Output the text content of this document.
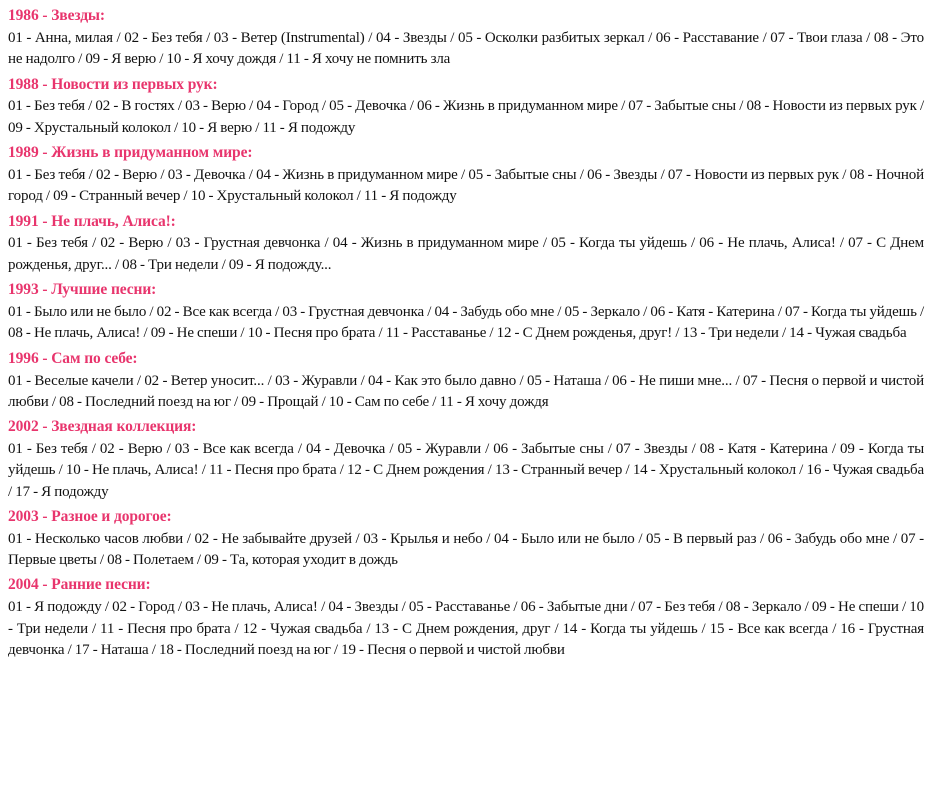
1986 - Звезды:
01 - Анна, милая / 02 - Без тебя / 03 - Ветер (Instrumental) / 04 - Звезды / 05 - Осколки разбитых зеркал / 06 - Расставание / 07 - Твои глаза / 08 - Это не надолго / 09 - Я верю / 10 - Я хочу дождя / 11 - Я хочу не помнить зла
1988 - Новости из первых рук:
01 - Без тебя / 02 - В гостях / 03 - Верю / 04 - Город / 05 - Девочка / 06 - Жизнь в придуманном мире / 07 - Забытые сны / 08 - Новости из первых рук / 09 - Хрустальный колокол / 10 - Я верю / 11 - Я подожду
1989 - Жизнь в придуманном мире:
01 - Без тебя / 02 - Верю / 03 - Девочка / 04 - Жизнь в придуманном мире / 05 - Забытые сны / 06 - Звезды / 07 - Новости из первых рук / 08 - Ночной город / 09 - Странный вечер / 10 - Хрустальный колокол / 11 - Я подожду
1991 - Не плачь, Алиса!:
01 - Без тебя / 02 - Верю / 03 - Грустная девчонка / 04 - Жизнь в придуманном мире / 05 - Когда ты уйдешь / 06 - Не плачь, Алиса! / 07 - С Днем рожденья, друг... / 08 - Три недели / 09 - Я подожду...
1993 - Лучшие песни:
01 - Было или не было / 02 - Все как всегда / 03 - Грустная девчонка / 04 - Забудь обо мне / 05 - Зеркало / 06 - Катя - Катерина / 07 - Когда ты уйдешь / 08 - Не плачь, Алиса! / 09 - Не спеши / 10 - Песня про брата / 11 - Расставанье / 12 - С Днем рожденья, друг! / 13 - Три недели / 14 - Чужая свадьба
1996 - Сам по себе:
01 - Веселые качели / 02 - Ветер уносит... / 03 - Журавли / 04 - Как это было давно / 05 - Наташа / 06 - Не пиши мне... / 07 - Песня о первой и чистой любви / 08 - Последний поезд на юг / 09 - Прощай / 10 - Сам по себе / 11 - Я хочу дождя
2002 - Звездная коллекция:
01 - Без тебя / 02 - Верю / 03 - Все как всегда / 04 - Девочка / 05 - Журавли / 06 - Забытые сны / 07 - Звезды / 08 - Катя - Катерина / 09 - Когда ты уйдешь / 10 - Не плачь, Алиса! / 11 - Песня про брата / 12 - С Днем рождения / 13 - Странный вечер / 14 - Хрустальный колокол / 16 - Чужая свадьба / 17 - Я подожду
2003 - Разное и дорогое:
01 - Несколько часов любви / 02 - Не забывайте друзей / 03 - Крылья и небо / 04 - Было или не было / 05 - В первый раз / 06 - Забудь обо мне / 07 - Первые цветы / 08 - Полетаем / 09 - Та, которая уходит в дождь
2004 - Ранние песни:
01 - Я подожду / 02 - Город / 03 - Не плачь, Алиса! / 04 - Звезды / 05 - Расставанье / 06 - Забытые дни / 07 - Без тебя / 08 - Зеркало / 09 - Не спеши / 10 - Три недели / 11 - Песня про брата / 12 - Чужая свадьба / 13 - С Днем рождения, друг / 14 - Когда ты уйдешь / 15 - Все как всегда / 16 - Грустная девчонка / 17 - Наташа / 18 - Последний поезд на юг / 19 - Песня о первой и чистой любви
